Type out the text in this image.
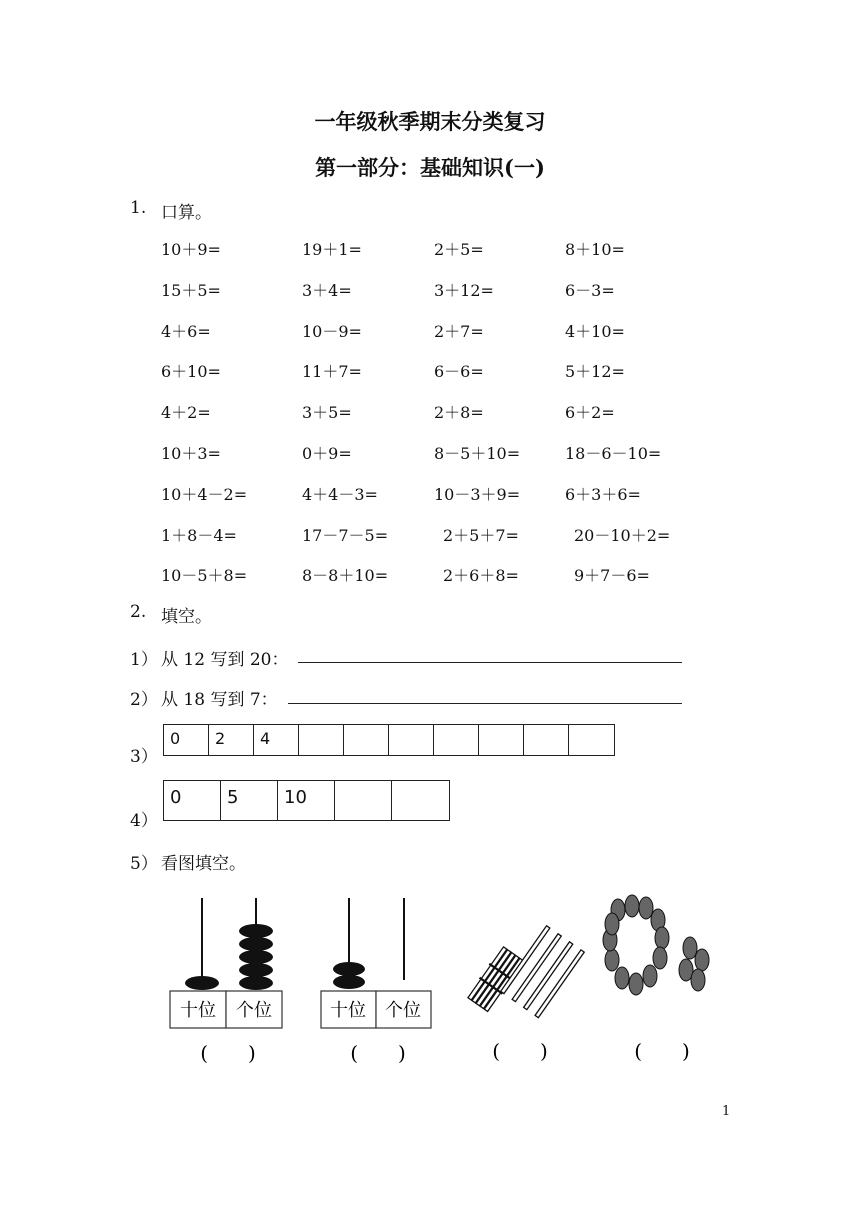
一年级秋季期末分类复习
第一部分：基础知识(一)
1. 口算。
10＋9=	19＋1=	2＋5=	8＋10=
15＋5=	3＋4=	3＋12=	6－3=
4＋6=	10－9=	2＋7=	4＋10=
6＋10=	11＋7=	6－6=	5＋12=
4＋2=	3＋5=	2＋8=	6＋2=
10＋3=	0＋9=	8－5＋10=	18－6－10=
10＋4－2=	4＋4－3=	10－3＋9=	6＋3＋6=
1＋8－4=	17－7－5=	2＋5＋7=	20－10＋2=
10－5＋8=	8－8＋10=	2＋6＋8=	9＋7－6=
2. 填空。
1） 从 12 写到 20：
2） 从 18 写到 7：
3）
0	2	4
4）
0	5	10
5） 看图填空。
十位 个位	十位 个位
(　　)	(　　)	(　　)	(　　)
1
